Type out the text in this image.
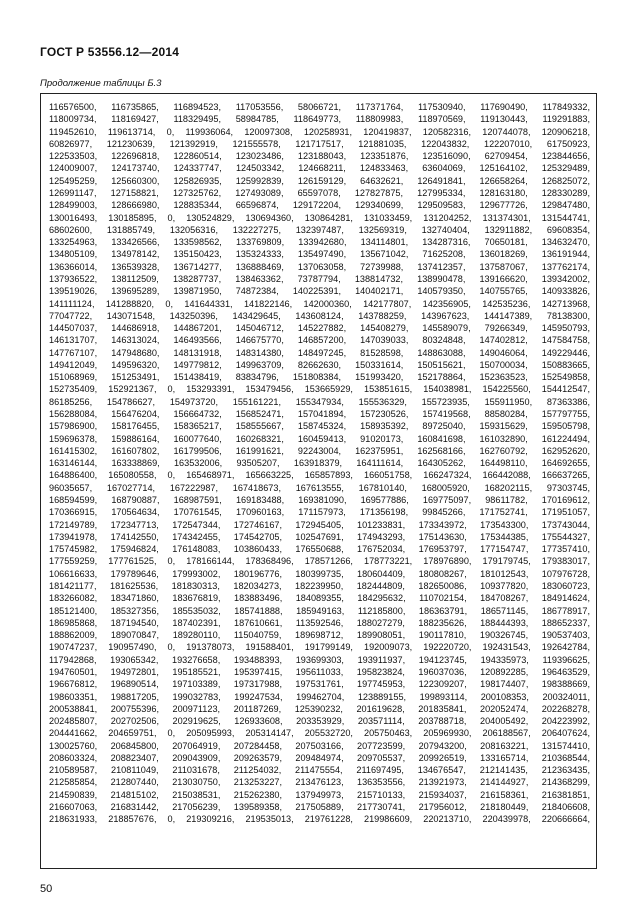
ГОСТ Р 53556.12—2014
Продолжение таблицы Б.3
116576500, 116735865, 116894523, 117053556, 58066721, 117371764, 117530940, 117690490, 117849332,
118009734, 118169427, 118329495, 58984785, 118649773, 118809983, 118970569, 119130443, 119291883,
119452610, 119613714, 0, 119936064, 120097308, 120258931, 120419837, 120582316, 120744078, 120906218,
60826977, 121230639, 121392919, 121555578, 121717517, 121881035, 122043832, 122207010, 61750923,
122533503, 122696818, 122860514, 123023486, 123188043, 123351876, 123516090, 62709454, 123844656,
124009007, 124173740, 124337747, 124503342, 124668211, 124833463, 63604069, 125164102, 125329489,
125495259, 125660300, 125826935, 125992839, 126159129, 64632621, 126491841, 126658264, 126825072,
126991147, 127158821, 127325762, 127493089, 65597078, 127827875, 127995334, 128163180, 128330289,
128499003, 128666980, 128835344, 66596874, 129172204, 129340699, 129509583, 129677726, 129847480,
130016493, 130185895, 0, 130524829, 130694360, 130864281, 131033459, 131204252, 131374301, 131544741,
68602600, 131885749, 132056316, 132227275, 132397487, 132569319, 132740404, 132911882, 69608354,
133254963, 133426566, 133598562, 133769809, 133942680, 134114801, 134287316, 70650181, 134632470,
134805109, 134978142, 135150423, 135324333, 135497490, 135671042, 71625208, 136018269, 136191944,
136366014, 136539328, 136714277, 136888469, 137063058, 72739988, 137412357, 137587067, 137762174,
137936522, 138112509, 138287737, 138463362, 73787794, 138814732, 138990478, 139166620, 139342002,
139519026, 139695289, 139871950, 74872384, 140225391, 140402171, 140579350, 140755765, 140933826,
141111124, 141288820, 0, 141644331, 141822146, 142000360, 142177807, 142356905, 142535236, 142713968,
77047722, 143071548, 143250396, 143429645, 143608124, 143788259, 143967623, 144147389, 78138300,
144507037, 144686918, 144867201, 145046712, 145227882, 145408279, 145589079, 79266349, 145950793,
146131707, 146313024, 146493566, 146675770, 146857200, 147039033, 80324848, 147402812, 147584758,
147767107, 147948680, 148131918, 148314380, 148497245, 81528598, 148863088, 149046064, 149229446,
149412049, 149596320, 149779812, 149963709, 82662630, 150331614, 150515621, 150700034, 150883665,
151068969, 151253491, 151438419, 83834796, 151808384, 151993420, 152178864, 152363523, 152549858,
152735409, 152921367, 0, 153293391, 153479456, 153665929, 153851615, 154038981, 154225560, 154412547,
86185256, 154786627, 154973720, 155161221, 155347934, 155536329, 155723935, 155911950, 87363386,
156288084, 156476204, 156664732, 156852471, 157041894, 157230526, 157419568, 88580284, 157797755,
157986900, 158176455, 158365217, 158555667, 158745324, 158935392, 89725040, 159315629, 159505798,
159696378, 159886164, 160077640, 160268321, 160459413, 91020173, 160841698, 161032890, 161224494,
161415302, 161607802, 161799506, 161991621, 92243004, 162375951, 162568166, 162760792, 162952620,
163146144, 163338869, 163532006, 93505207, 163918379, 164111614, 164305262, 164498110, 164692655,
164886400, 165080558, 0, 165468971, 165663225, 165857893, 166051758, 166247324, 166442088, 166637265,
96035657, 167027714, 167222987, 167418673, 167613555, 167810140, 168005920, 168202115, 97303745,
168594599, 168790887, 168987591, 169183488, 169381090, 169577886, 169775097, 98611782, 170169612,
170366915, 170564634, 170761545, 170960163, 171157973, 171356198, 99845266, 171752741, 171951057,
172149789, 172347713, 172547344, 172746167, 172945405, 101233831, 173343972, 173543300, 173743044,
173941978, 174142550, 174342455, 174542705, 102547691, 174943293, 175143630, 175344385, 175544327,
175745982, 175946824, 176148083, 103860433, 176550688, 176752034, 176953797, 177154747, 177357410,
177559259, 177761525, 0, 178166144, 178368496, 178571266, 178773221, 178976890, 179179745, 179383017,
106616633, 179789646, 179993002, 180196776, 180399735, 180604409, 180808267, 181012543, 107976728,
181421177, 181625536, 181830313, 182034273, 182239950, 182444809, 182650086, 109377820, 183060723,
183266082, 183471860, 183676819, 183883496, 184089355, 184295632, 110702154, 184708267, 184914624,
185121400, 185327356, 185535032, 185741888, 185949163, 112185800, 186363791, 186571145, 186778917,
186985868, 187194540, 187402391, 187610661, 113592546, 188027279, 188235626, 188444393, 188652337,
188862009, 189070847, 189280110, 115040759, 189698712, 189908051, 190117810, 190326745, 190537403,
190747237, 190957490, 0, 191378073, 191588401, 191799149, 192009073, 192220720, 192431543, 192642784,
117942868, 193065342, 193276658, 193488393, 193699303, 193911937, 194123745, 194335973, 119396625,
194760501, 194972801, 195185521, 195397415, 195611033, 195823824, 196037036, 120892285, 196463529,
196676812, 196890514, 197103389, 197317988, 197531761, 197745953, 122309207, 198174407, 198388669,
198603351, 198817205, 199032783, 199247534, 199462704, 123889155, 199893114, 200108353, 200324011,
200538841, 200755396, 200971123, 201187269, 125390232, 201619628, 201835841, 202052474, 202268278,
202485807, 202702506, 202919625, 126933608, 203353929, 203571114, 203788718, 204005492, 204223992,
204441662, 204659751, 0, 205095993, 205314147, 205532720, 205750463, 205969930, 206188567, 206407624,
130025760, 206845800, 207064919, 207284458, 207503166, 207723599, 207943200, 208163221, 131574410,
208603324, 208823407, 209043909, 209263579, 209484974, 209705537, 209926519, 133165714, 210368544,
210589587, 210811049, 211031678, 211254032, 211475554, 211697495, 134676547, 212141435, 212363435,
212585854, 212807440, 213030750, 213253227, 213476123, 136353556, 213921973, 214144927, 214368299,
214590839, 214815102, 215038531, 215262380, 137949973, 215710133, 215934037, 216158361, 216381851,
216607063, 216831442, 217056239, 139589358, 217505889, 217730741, 217956012, 218180449, 218406608,
218631933, 218857676, 0, 219309216, 219535013, 219761228, 219986609, 220213710, 220439978, 220666664,
50
